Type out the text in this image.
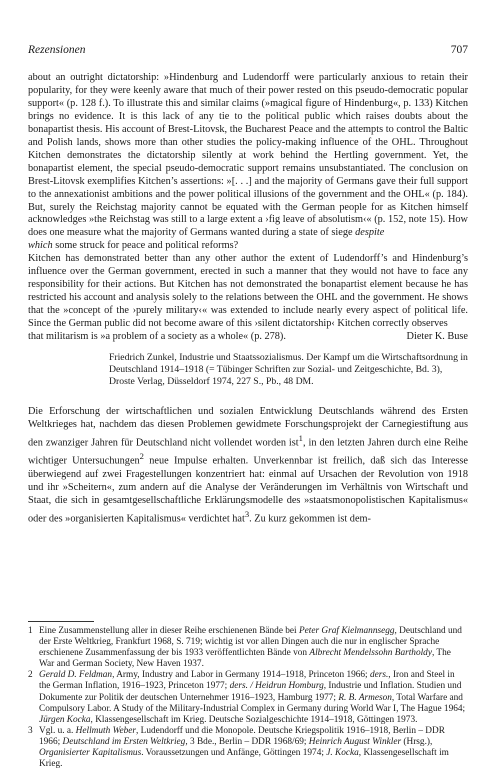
Rezensionen	707

about an outright dictatorship: »Hindenburg and Ludendorff were particularly anxious to retain their popularity, for they were keenly aware that much of their power rested on this pseudo-democratic popular support« (p. 128 f.). To illustrate this and similar claims (»magical figure of Hindenburg«, p. 133) Kitchen brings no evidence. It is this lack of any tie to the political public which raises doubts about the bonapartist thesis. His account of Brest-Litovsk, the Bucharest Peace and the attempts to control the Baltic and Polish lands, shows more than other studies the policy-making influence of the OHL. Throughout Kitchen demonstrates the dictatorship silently at work behind the Hertling government. Yet, the bonapartist element, the special pseudo-democratic support remains unsubstantiated. The conclusion on Brest-Litovsk exemplifies Kitchen’s assertions: »[. . .] and the majority of Germans gave their full support to the annexationist ambitions and the power political illusions of the government and the OHL« (p. 184). But, surely the Reichstag majority cannot be equated with the German people for as Kitchen himself acknowledges »the Reichstag was still to a large extent a ›fig leave of absolutism‹« (p. 152, note 15). How does one measure what the majority of Germans wanted during a state of siege despite
which some struck for peace and political reforms?

Kitchen has demonstrated better than any other author the extent of Ludendorff’s and Hindenburg’s influence over the German government, erected in such a manner that they would not have to face any responsibility for their actions. But Kitchen has not demonstrated the bonapartist element because he has restricted his account and analysis solely to the relations between the OHL and the government. He shows that the »concept of the ›purely military‹« was extended to include nearly every aspect of political life. Since the German public did not become aware of this ›silent dictatorship‹ Kitchen correctly observes

that militarism is »a problem of a society as a whole« (p. 278).	Dieter K. Buse

Friedrich Zunkel, Industrie und Staatssozialismus. Der Kampf um die Wirtschaftsordnung in Deutschland 1914–1918 (= Tübinger Schriften zur Sozial- und Zeitgeschichte, Bd. 3), Droste Verlag, Düsseldorf 1974, 227 S., Pb., 48 DM.

Die Erforschung der wirtschaftlichen und sozialen Entwicklung Deutschlands während des Ersten Weltkrieges hat, nachdem das diesen Problemen gewidmete Forschungsprojekt der Carnegiestiftung aus den zwanziger Jahren für Deutschland nicht vollendet worden ist$^1$, in den letzten Jahren durch eine Reihe wichtiger Untersuchungen$^2$ neue Impulse erhalten. Unverkennbar ist freilich, daß sich das Interesse überwiegend auf zwei Fragestellungen konzentriert hat: einmal auf Ursachen der Revolution von 1918 und ihr »Scheitern«, zum andern auf die Analyse der Veränderungen im Verhältnis von Wirtschaft und Staat, die sich in gesamtgesellschaftliche Erklärungsmodelle des »staatsmonopolistischen Kapitalismus« oder des »organisierten Kapitalismus« verdichtet hat$^3$. Zu kurz gekommen ist dem-

1 Eine Zusammenstellung aller in dieser Reihe erschienenen Bände bei Peter Graf Kielmannsegg, Deutschland und der Erste Weltkrieg, Frankfurt 1968, S. 719; wichtig ist vor allen Dingen auch die nur in englischer Sprache erschienene Zusammenfassung der bis 1933 veröffentlichten Bände von Albrecht Mendelssohn Bartholdy, The War and German Society, New Haven 1937.

2 Gerald D. Feldman, Army, Industry and Labor in Germany 1914–1918, Princeton 1966; ders., Iron and Steel in the German Inflation, 1916–1923, Princeton 1977; ders. / Heidrun Homburg, Industrie und Inflation. Studien und Dokumente zur Politik der deutschen Unternehmer 1916–1923, Hamburg 1977; R. B. Armeson, Total Warfare and Compulsory Labor. A Study of the Military-Industrial Complex in Germany during World War I, The Hague 1964; Jürgen Kocka, Klassengesellschaft im Krieg. Deutsche Sozialgeschichte 1914–1918, Göttingen 1973.

3 Vgl. u. a. Hellmuth Weber, Ludendorff und die Monopole. Deutsche Kriegspolitik 1916–1918, Berlin – DDR 1966; Deutschland im Ersten Weltkrieg, 3 Bde., Berlin – DDR 1968/69; Heinrich August Winkler (Hrsg.), Organisierter Kapitalismus. Voraussetzungen und Anfänge, Göttingen 1974; J. Kocka, Klassengesellschaft im Krieg.
